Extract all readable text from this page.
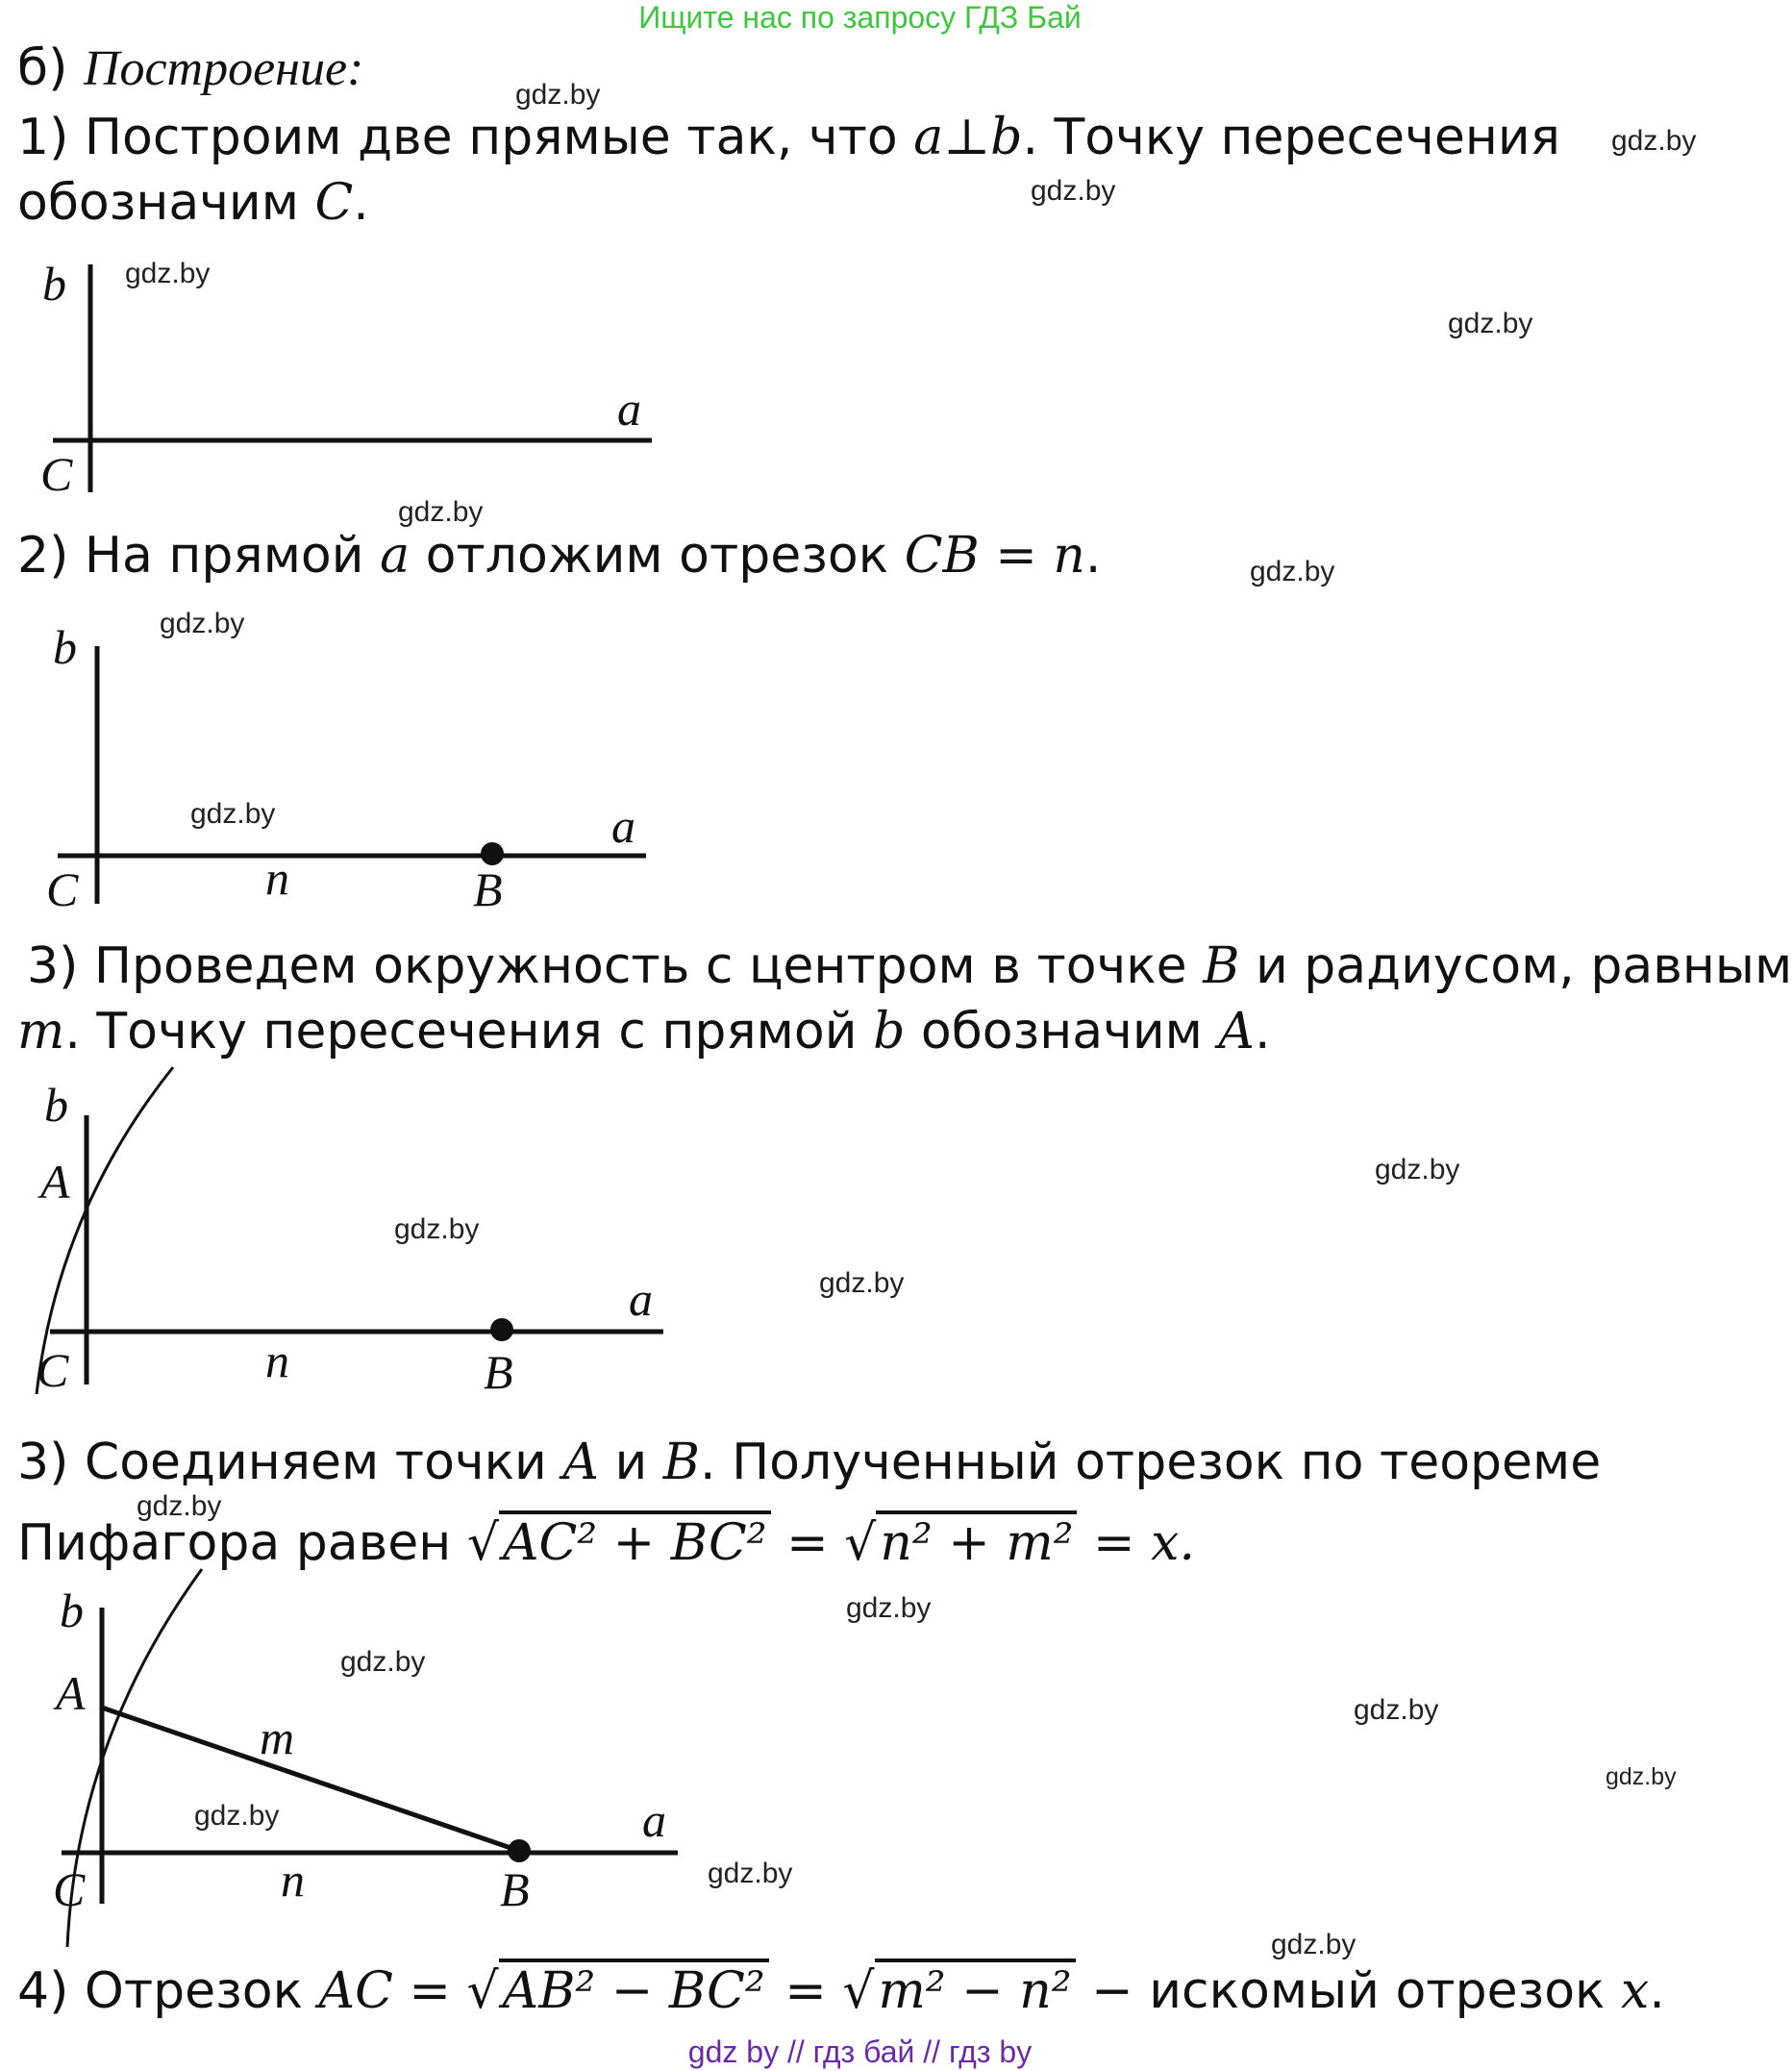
Ищите нас по запросу ГДЗ Бай
gdz by // гдз бай // гдз by
б) Построение:
1) Построим две прямые так, что a⊥b. Точку пересечения
обозначим C.
b
a
C
2) На прямой a отложим отрезок CB = n.
b
a
C	n	B
3) Проведем окружность с центром в точке B и радиусом, равным
m. Точку пересечения с прямой b обозначим A.
b
A
a
C	n	B
3) Соединяем точки A и B. Полученный отрезок по теореме
Пифагора равен √AC² + BC² = √n² + m² = x.
b
A
m
a
C	n	B
4) Отрезок AC = √AB² − BC² = √m² − n² − искомый отрезок x.
gdz.by
gdz.by
gdz.by
gdz.by
gdz.by
gdz.by
gdz.by
gdz.by
gdz.by
gdz.by
gdz.by
gdz.by
gdz.by
gdz.by
gdz.by
gdz.by
gdz.by
gdz.by
gdz.by
gdz.by
